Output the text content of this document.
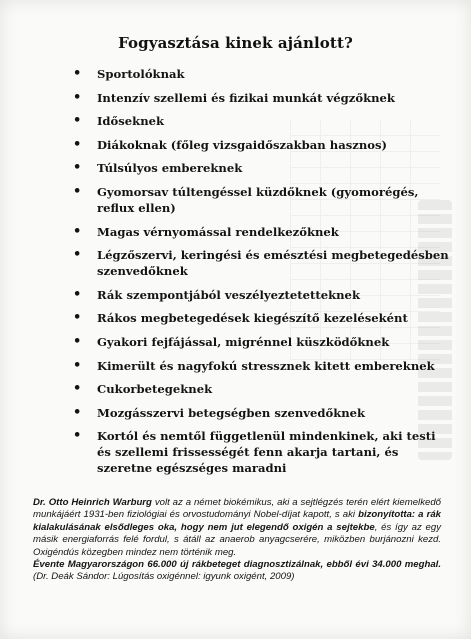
Fogyasztása kinek ajánlott?
• Sportolóknak
• Intenzív szellemi és fizikai munkát végzőknek
• Időseknek
• Diákoknak (főleg vizsgaidőszakban hasznos)
• Túlsúlyos embereknek
• Gyomorsav túltengéssel küzdőknek (gyomorégés, reflux ellen)
• Magas vérnyomással rendelkezőknek
• Légzőszervi, keringési és emésztési megbetegedésben szenvedőknek
• Rák szempontjából veszélyeztetetteknek
• Rákos megbetegedések kiegészítő kezeléseként
• Gyakori fejfájással, migrénnel küszködőknek
• Kimerült és nagyfokú stressznek kitett embereknek
• Cukorbetegeknek
• Mozgásszervi betegségben szenvedőknek
• Kortól és nemtől függetlenül mindenkinek, aki testi és szellemi frissességét fenn akarja tartani, és szeretne egészséges maradni

Dr. Otto Heinrich Warburg volt az a német biokémikus, aki a sejtlégzés terén elért kiemelkedő munkájáért 1931-ben fiziológiai és orvostudományi Nobel-díjat kapott, s aki bizonyította: a rák kialakulásának elsődleges oka, hogy nem jut elegendő oxigén a sejtekbe, és így az egy másik energiaforrás felé fordul, s átáll az anaerob anyagcserére, miközben burjánozni kezd. Oxigéndús közegben mindez nem történik meg.

Évente Magyarországon 66.000 új rákbeteget diagnosztizálnak, ebből évi 34.000 meghal. (Dr. Deák Sándor: Lúgosítás oxigénnel: igyunk oxigént, 2009)
